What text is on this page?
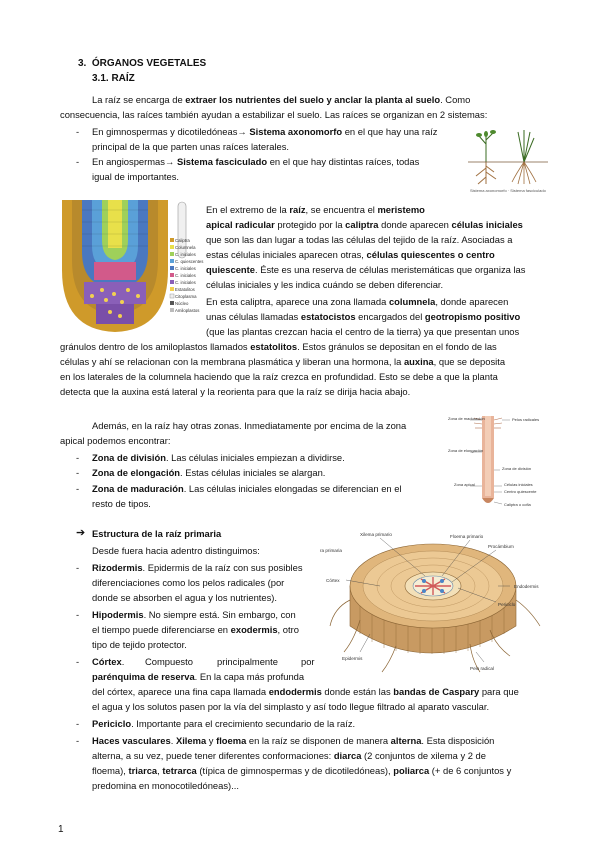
3.  ÓRGANOS VEGETALES
3.1. RAÍZ
La raíz se encarga de extraer los nutrientes del suelo y anclar la planta al suelo. Como
consecuencia, las raíces también ayudan a estabilizar el suelo. Las raíces se organizan en 2 sistemas:
- En gimnospermas y dicotiledóneas→ Sistema axonomorfo en el que hay una raíz
principal de la que parten unas raíces laterales.
- En angiospermas→ Sistema fasciculado en el que hay distintas raíces, todas
igual de importantes.
Sistema axonomorfo · Sistema fasciculado
Caliptra
Columnela
C. iniciales
C. quiescentes
C. iniciales
C. iniciales
C. iniciales
Estatolitos
Citoplasma
Núcleo
Amiloplastos
En el extremo de la raíz, se encuentra el meristemo
apical radicular protegido por la caliptra donde aparecen células iniciales
que son las dan lugar a todas las células del tejido de la raíz. Asociadas a
estas células iniciales aparecen otras, células quiescentes o centro
quiescente. Éste es una reserva de células meristemáticas que organiza las
células iniciales y les indica cuándo se deben diferenciar.
En esta caliptra, aparece una zona llamada columnela, donde aparecen
unas células llamadas estatocistos encargados del geotropismo positivo
(que las plantas crezcan hacia el centro de la tierra) ya que presentan unos
gránulos dentro de los amiloplastos llamados estatolitos. Estos gránulos se depositan en el fondo de las
células y ahí se relacionan con la membrana plasmática y liberan una hormona, la auxina, que se deposita
en los laterales de la columnela haciendo que la raíz crezca en profundidad. Esto se debe a que la planta
detecta que la auxina está lateral y la reorienta para que la raíz se dirija hacia abajo.
Además, en la raíz hay otras zonas. Inmediatamente por encima de la zona
apical podemos encontrar:
- Zona de división. Las células iniciales empiezan a dividirse.
- Zona de elongación. Estas células iniciales se alargan.
- Zona de maduración. Las células iniciales elongadas se diferencian en el
resto de tipos.
Zona de maduración	Pelos radicales
Zona de elongación
Zona de división
Zona apical	Células iniciales
Centro quiescente
Caliptra o cofia
➔ Estructura de la raíz primaria
Desde fuera hacia adentro distinguimos:
- Rizodermis. Epidermis de la raíz con sus posibles
diferenciaciones como los pelos radicales (por
donde se absorben el agua y los nutrientes).
- Hipodermis. No siempre está. Sin embargo, con
el tiempo puede diferenciarse en exodermis, otro
tipo de tejido protector.
- Córtex. Compuesto	principalmente por
parénquima de reserva. En la capa más profunda
del córtex, aparece una fina capa llamada endodermis donde están las bandas de Caspary para que
el agua y los solutos pasen por la vía del simplasto y así todo llegue filtrado al aparato vascular.
- Periciclo. Importante para el crecimiento secundario de la raíz.
- Haces vasculares. Xilema y floema en la raíz se disponen de manera alterna. Esta disposición
alterna, a su vez, puede tener diferentes conformaciones: diarca (2 conjuntos de xilema y 2 de
floema), triarca, tetrarca (típica de gimnospermas y de dicotiledóneas), poliarca (+ de 6 conjuntos y
predomina en monocotiledóneas)...
Xilema primario	Floema primario
Procámbium
Endodermis
Periciclo
Córtex
Epidermis
Pelo radical
ra primaria
1
